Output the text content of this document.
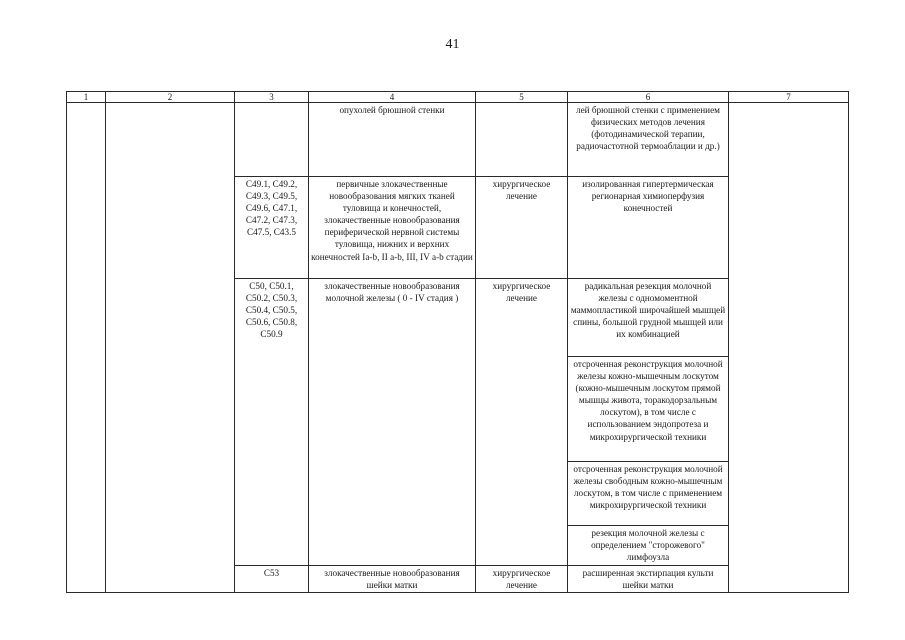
41
1	2	3	4	5	6	7
			опухолей брюшной стенки		лей брюшной стенки с применением физических методов лечения (фотодинамической терапии, радиочастотной термоаблации и др.)	
		C49.1, C49.2, C49.3, C49.5, C49.6, C47.1, C47.2, C47.3, C47.5, C43.5	первичные злокачественные новообразования мягких тканей туловища и конечностей, злокачественные новообразования периферической нервной системы туловища, нижних и верхних конечностей Ia-b, II a-b, III, IV a-b стадии	хирургическое лечение	изолированная гипертермическая регионарная химиоперфузия конечностей	
		C50, C50.1, C50.2, C50.3, C50.4, C50.5, C50.6, C50.8, C50.9	злокачественные новообразования молочной железы ( 0 - IV стадия )	хирургическое лечение	радикальная резекция молочной железы с одномоментной маммопластикой широчайшей мышцей спины, большой грудной мышцей или их комбинацией	
					отсроченная реконструкция молочной железы кожно-мышечным лоскутом (кожно-мышечным лоскутом прямой мышцы живота, торакодорзальным лоскутом), в том числе с использованием эндопротеза и микрохирургической техники	
					отсроченная реконструкция молочной железы свободным кожно-мышечным лоскутом, в том числе с применением микрохирургической техники	
					резекция молочной железы с определением "сторожевого" лимфоузла	
		C53	злокачественные новообразования шейки матки	хирургическое лечение	расширенная экстирпация культи шейки матки	
